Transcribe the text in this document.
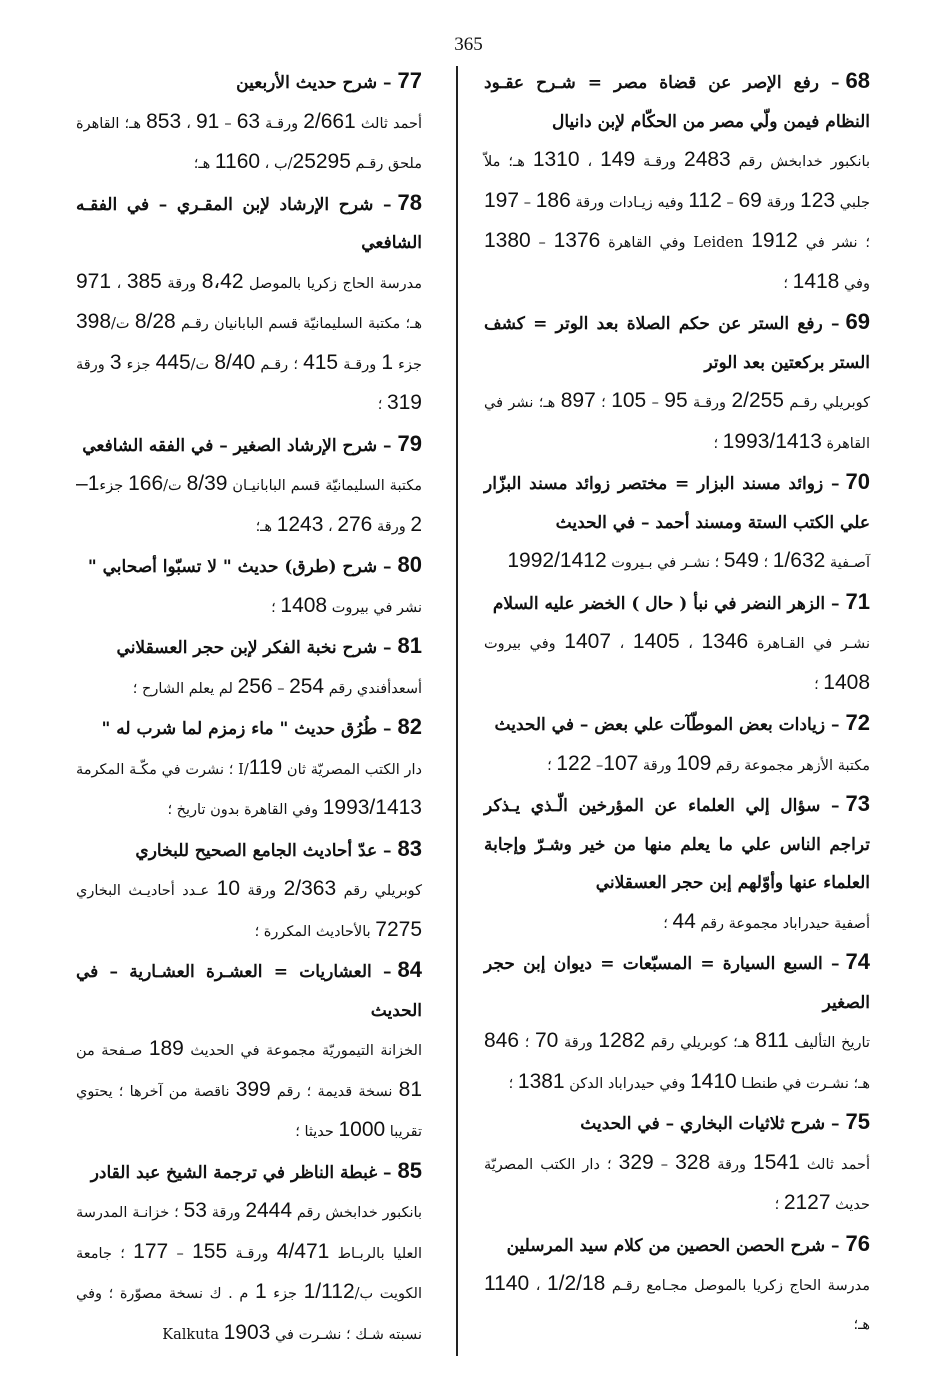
365
68– رفع الإصر عن قضاة مصر = شـرح عقـود النظام فيمن ولّي مصر من الحكّام لإبن دانيال
بانكبور خدابخش رقم 2483 ورقـة 149 ، 1310 هـ؛ ملاّ جلبي 123 ورقة 69 – 112 وفيه زيـادات ورقة 186 – 197 ؛ نشر في Leiden 1912 وفي القاهرة 1376 – 1380 وفي 1418 ؛
69– رفع الستر عن حكم الصلاة بعد الوتر = كشف الستر بركعتين بعد الوتر
كوبريلي رقـم 2/255 ورقـة 95 – 105 ؛ 897 هـ؛ نشر في القاهرة 1993/1413 ؛
70– زوائد مسند البزار = مختصر زوائد مسند البزّار علي الكتب الستة ومسند أحمد – في الحديث
آصـفية 1/632 ؛ 549 ؛ نشـر في بـيروت 1992/1412
71– الزهر النضر في نبأ ( حال ) الخضر عليه السلام
نشـر في القـاهرة 1346 ، 1405 ، 1407 وفي بيروت 1408 ؛
72– زيادات بعض الموطّآت علي بعض – في الحديث
مكتبة الأزهر مجموعة رقم 109 ورقة 107– 122 ؛
73– سؤال إلي العلماء عن المؤرخين الّـذي يـذكر تراجم الناس علي ما يعلم منها من خير وشـرّ وإجابة العلماء عنها وأوّلهم إبن حجر العسقلاني
أصفية حيدراباد مجموعة رقم 44 ؛
74– السبع السيارة = المسبّعات = ديوان إبن حجر الصغير
تاريخ التأليف 811 هـ؛ كوبريلي رقم 1282 ورقة 70 ؛ 846 هـ؛ نشـرت في طنطـا 1410 وفي حيدراباد الدكن 1381 ؛
75– شرح ثلاثيات البخاري – في الحديث
أحمد ثالث 1541 ورقة 328 – 329 ؛ دار الكتب المصريّة حديث 2127 ؛
76– شرح الحصن الحصين من كلام سيد المرسلين
مدرسة الحاج زكريا بالموصل مجـامع رقـم 1/2/18 ، 1140 هـ؛
77– شرح حديث الأربعين
أحمد ثالث 2/661 ورقـة 63 – 91 ، 853 هـ؛ القاهرة ملحق رقـم 25295/ب ، 1160 هـ؛
78– شرح الإرشاد لإبن المقـري – في الفقـه الشافعي
مدرسة الحاج زكريا بالموصل 8،42 ورقة 385 ، 971 هـ؛ مكتبة السليمانيّة قسم البابانيان رقـم 8/28 ت/398 جزء 1 ورقـة 415 ؛ رقـم 8/40 ت/445 جزء 3 ورقة 319 ؛
79– شرح الإرشاد الصغير – في الفقه الشافعي
مكتبة السليمانيّة قسم البابانيـان 8/39 ت/166 جزء1–2 ورقة 276 ، 1243 هـ؛
80– شرح (طرق) حديث " لا تسبّوا أصحابي "
نشر في بيروت 1408 ؛
81– شرح نخبة الفكر لإبن حجر العسقلاني
أسعدأفندي رقم 254 – 256 لم يعلم الشارح ؛
82– طُرُق حديث " ماء زمزم لما شرب له "
دار الكتب المصريّة ثان 119/I ؛ نشرت في مكّـة المكرمة 1993/1413 وفي القاهرة بدون تاريخ ؛
83– عدّ أحاديث الجامع الصحيح للبخاري
كوبريلي رقم 2/363 ورقة 10 عـدد أحاديـث البخاري 7275 بالأحاديث المكررة ؛
84– العشاريات = العشـرة العشـارية – في الحديث
الخزانة التيموريّة مجموعة في الحديث 189 صـفحة من 81 نسخة قديمة ؛ رقم 399 ناقصة من آخرها ؛ يحتوي تقريبا 1000 حديثا ؛
85– غبطة الناظر في ترجمة الشيخ عبد القادر
بانكبور خدابخش رقم 2444 ورقة 53 ؛ خزانـة المدرسة العليا بالربـاط 4/471 ورقـة 155 – 177 ؛ جامعة الكويت ب/1/112 جزء 1 م . ك نسخة مصوّرة ؛ وفي نسبته شـك ؛ نشـرت في Kalkuta 1903
